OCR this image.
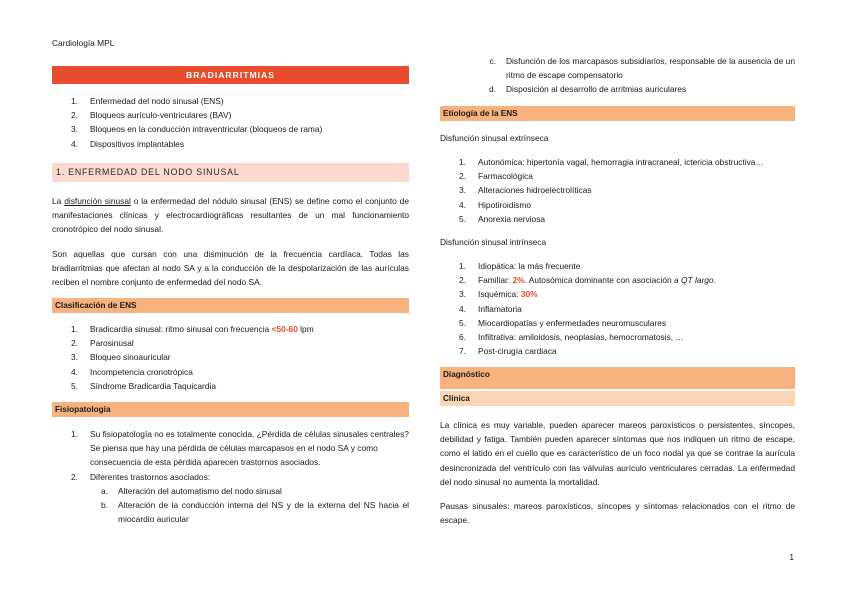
Cardiología MPL
BRADIARRITMIAS
1.	Enfermedad del nodo sinusal (ENS)
2.	Bloqueos aurículo-ventriculares (BAV)
3.	Bloqueos en la conducción intraventricular (bloqueos de rama)
4.	Dispositivos implantables
1. ENFERMEDAD DEL NODO SINUSAL

La disfunción sinusal o la enfermedad del nódulo sinusal (ENS) se define como el conjunto de manifestaciones clínicas y electrocardiográficas resultantes de un mal funcionamiento cronotrópico del nodo sinusal.

Son aquellas que cursan con una disminución de la frecuencia cardíaca. Todas las bradiarritmias que afectan al nodo SA y a la conducción de la despolarización de las aurículas reciben el nombre conjunto de enfermedad del nodo SA.

Clasificación de ENS
1.	Bradicardia sinusal: ritmo sinusal con frecuencia <50-60 lpm
2.	Parosinusal
3.	Bloqueo sinoauricular
4.	Incompetencia cronotrópica
5.	Síndrome Bradicardia Taquicardia
Fisiopatología
1.	Su fisiopatología no es totalmente conocida. ¿Pérdida de células sinusales centrales? Se piensa que hay una pérdida de células marcapasos en el nodo SA y como consecuencia de esta pérdida aparecen trastornos asociados.
2.	Diferentes trastornos asociados:
a.	Alteración del automatismo del nodo sinusal
b.	Alteración de la conducción interna del NS y de la externa del NS hacia el miocardio auricular
c.	Disfunción de los marcapasos subsidiarios, responsable de la ausencia de un ritmo de escape compensatorio
d.	Disposición al desarrollo de arritmias auriculares
Etiología de la ENS
Disfunción sinusal extrínseca
1.	Autonómica: hipertonía vagal, hemorragia intracraneal, ictericia obstructiva…
2.	Farmacológica
3.	Alteraciones hidroelectrolíticas
4.	Hipotiroidismo
5.	Anorexia nerviosa
Disfunción sinusal intrínseca
1.	Idiopática: la más frecuente
2.	Familiar: 2%. Autosómica dominante con asociación a QT largo.
3.	Isquémica: 30%
4.	Inflamatoria
5.	Miocardiopatías y enfermedades neuromusculares
6.	Infiltrativa: amiloidosis, neoplasias, hemocromatosis, …
7.	Post-cirugía cardiaca
Diagnóstico
Clínica

La clínica es muy variable, pueden aparecer mareos paroxísticos o persistentes, síncopes, debilidad y fatiga. También pueden aparecer síntomas que nos indiquen un ritmo de escape, como el latido en el cuello que es característico de un foco nodal ya que se contrae la aurícula desincronizada del ventrículo con las válvulas aurículo ventriculares cerradas. La enfermedad del nodo sinusal no aumenta la mortalidad.

Pausas sinusales: mareos paroxísticos, síncopes y síntomas relacionados con el ritmo de escape.

1
